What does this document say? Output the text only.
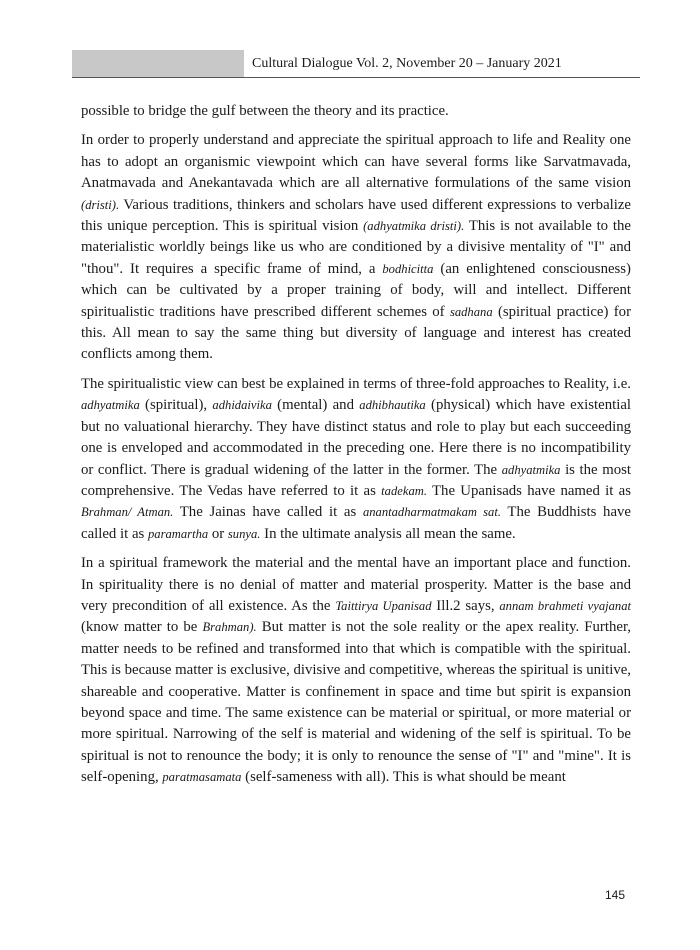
Cultural Dialogue Vol. 2, November 20 – January 2021

possible to bridge the gulf between the theory and its practice.

In order to properly understand and appreciate the spiritual approach to life and Reality one has to adopt an organismic viewpoint which can have several forms like Sarvatmavada, Anatmavada and Anekantavada which are all alternative formulations of the same vision (dristi). Various traditions, thinkers and scholars have used different expressions to verbalize this unique perception. This is spiritual vision (adhyatmika dristi). This is not available to the materialistic worldly beings like us who are conditioned by a divisive mentality of "I" and "thou". It requires a specific frame of mind, a bodhicitta (an enlightened consciousness) which can be cultivated by a proper training of body, will and intellect. Different spiritualistic traditions have prescribed different schemes of sadhana (spiritual practice) for this. All mean to say the same thing but diversity of language and interest has created conflicts among them.

The spiritualistic view can best be explained in terms of three-fold approaches to Reality, i.e. adhyatmika (spiritual), adhidaivika (mental) and adhibhautika (physical) which have existential but no valuational hierarchy. They have distinct status and role to play but each succeeding one is enveloped and accommodated in the preceding one. Here there is no incompatibility or conflict. There is gradual widening of the latter in the former. The adhyatmika is the most comprehensive. The Vedas have referred to it as tadekam. The Upanisads have named it as Brahman/ Atman. The Jainas have called it as anantadharmatmakam sat. The Buddhists have called it as paramartha or sunya. In the ultimate analysis all mean the same.

In a spiritual framework the material and the mental have an important place and function. In spirituality there is no denial of matter and material prosperity. Matter is the base and very precondition of all existence. As the Taittirya Upanisad Ill.2 says, annam brahmeti vyajanat (know matter to be Brahman). But matter is not the sole reality or the apex reality. Further, matter needs to be refined and transformed into that which is compatible with the spiritual. This is because matter is exclusive, divisive and competitive, whereas the spiritual is unitive, shareable and cooperative. Matter is confinement in space and time but spirit is expansion beyond space and time. The same existence can be material or spiritual, or more material or more spiritual. Narrowing of the self is material and widening of the self is spiritual. To be spiritual is not to renounce the body; it is only to renounce the sense of "I" and "mine". It is self-opening, paratmasamata (self-sameness with all). This is what should be meant

145
